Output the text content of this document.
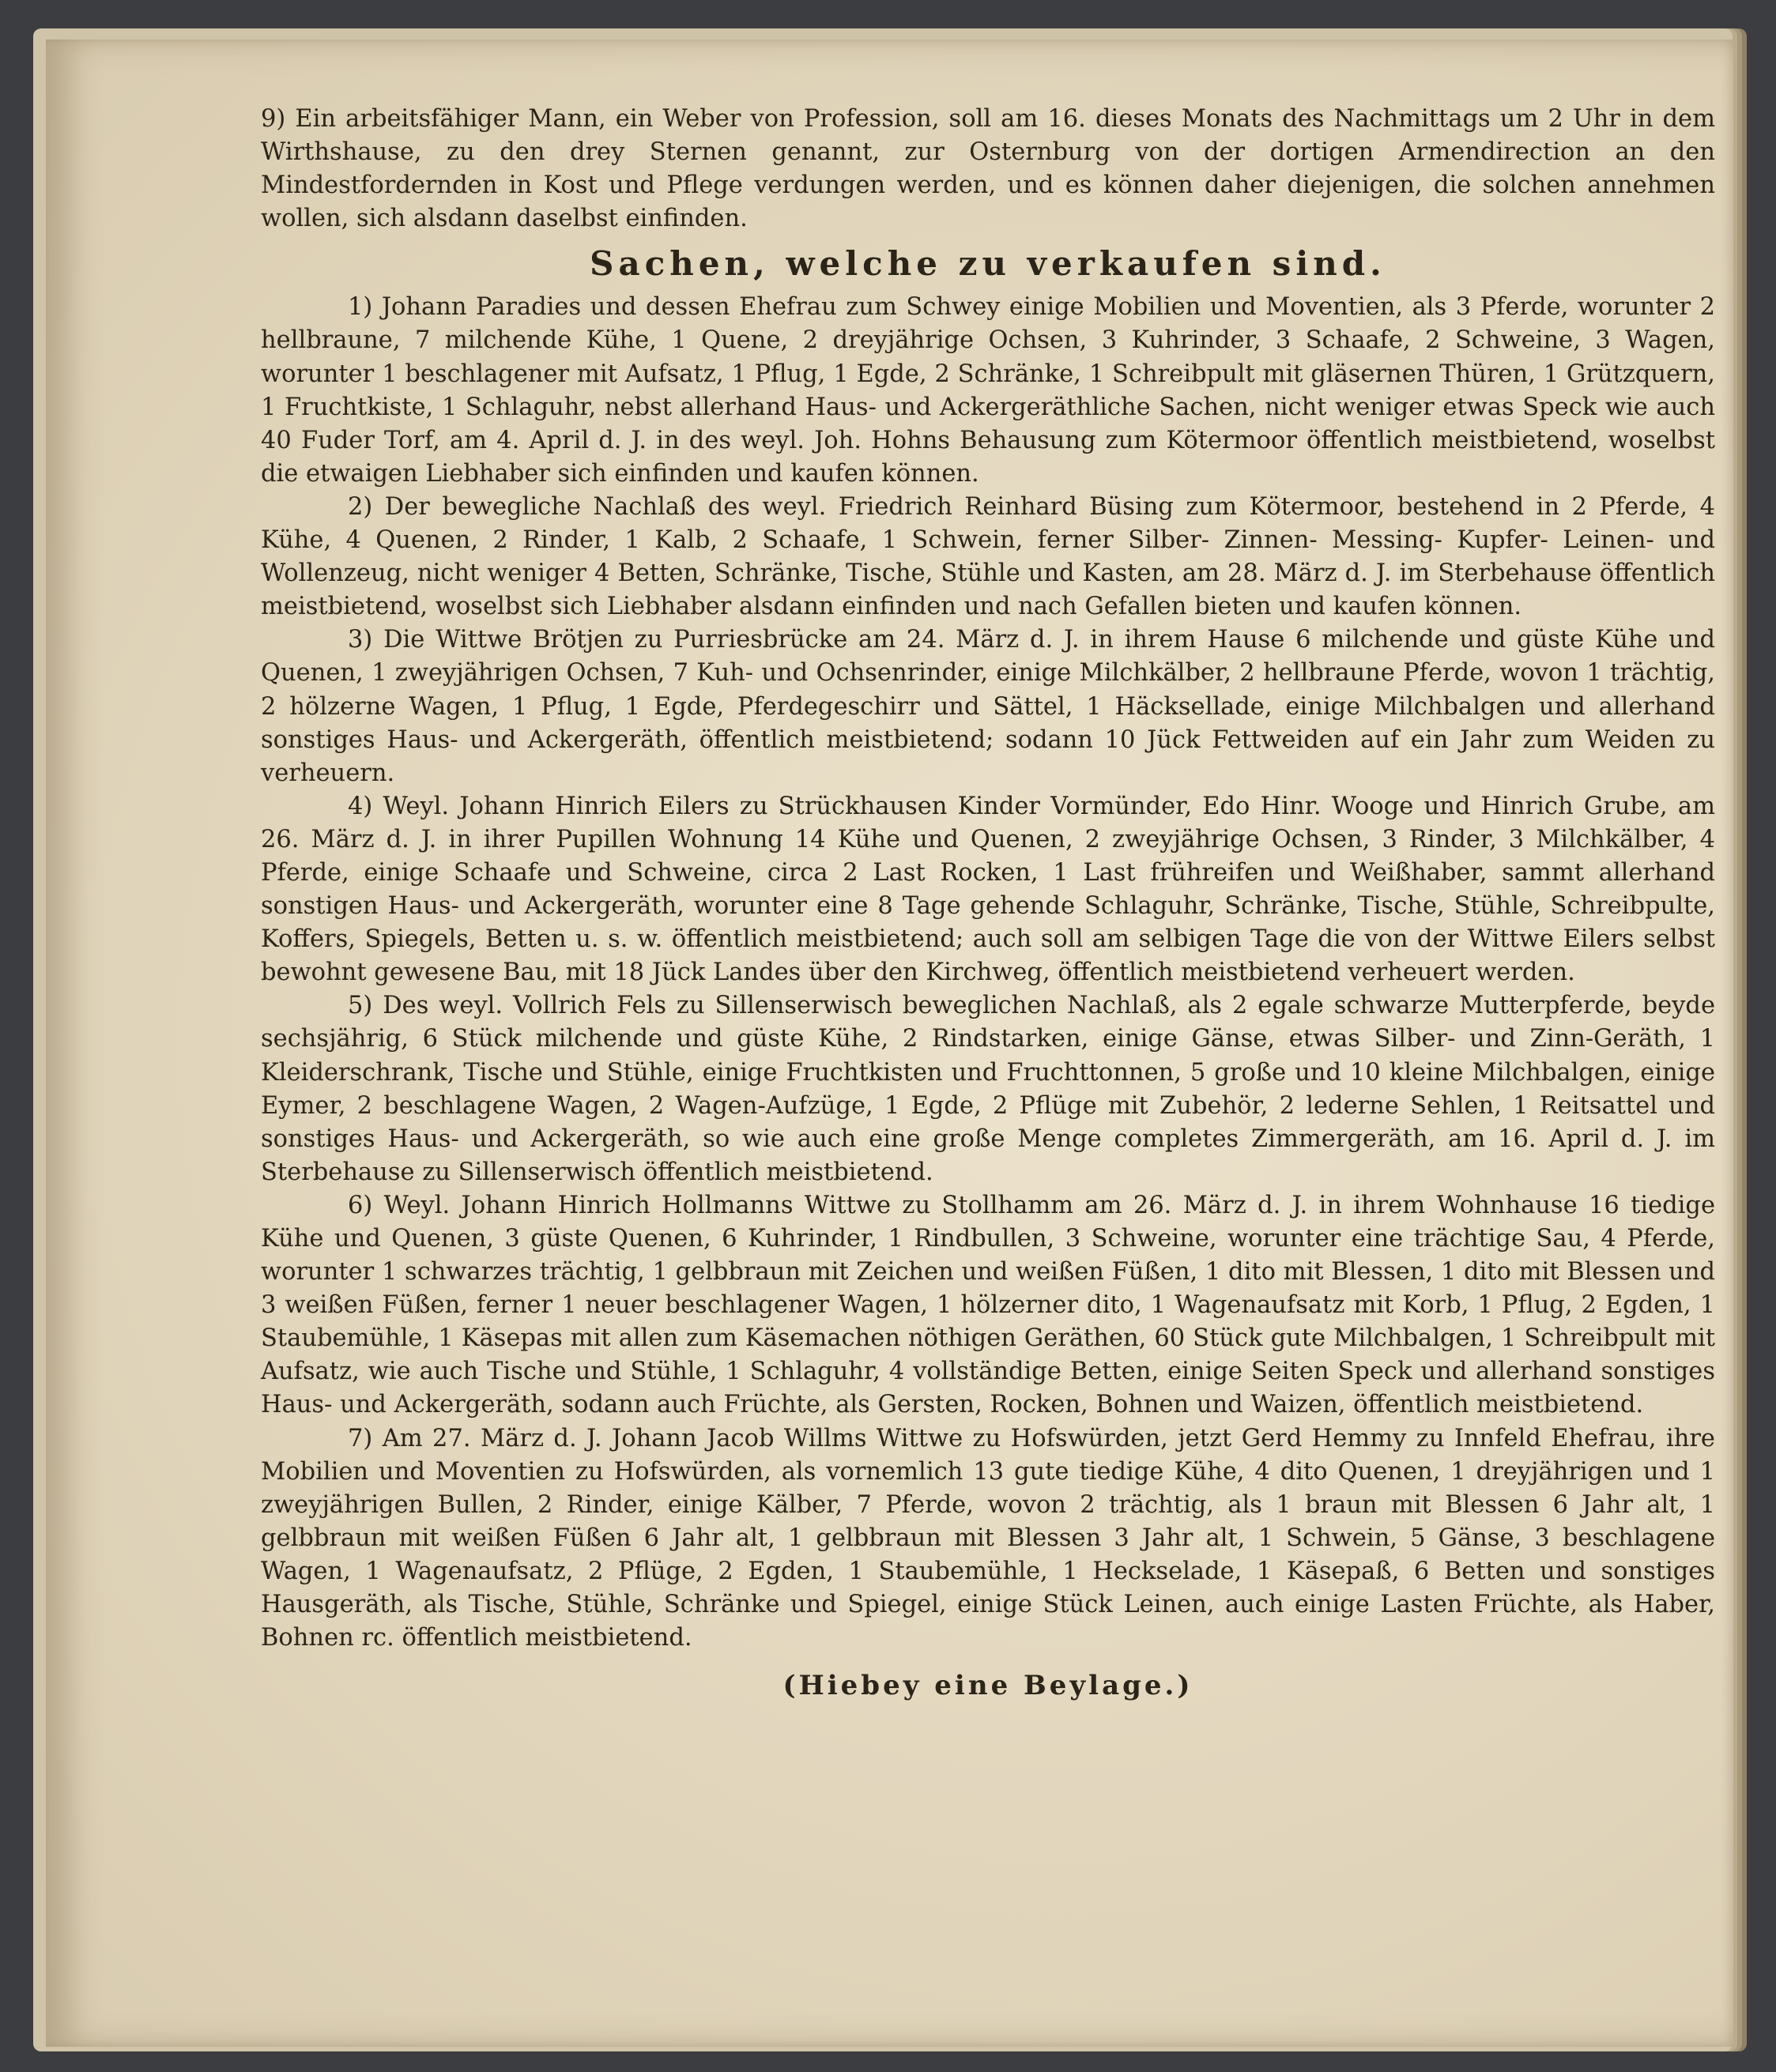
9) Ein arbeitsfähiger Mann, ein Weber von Profession, soll am 16. dieses Monats des Nachmittags um 2 Uhr in dem Wirthshause, zu den drey Sternen genannt, zur Osternburg von der dortigen Armendirection an den Mindestfordernden in Kost und Pflege verdungen werden, und es können daher diejenigen, die solchen annehmen wollen, sich alsdann daselbst einfinden.

Sachen, welche zu verkaufen sind.

1) Johann Paradies und dessen Ehefrau zum Schwey einige Mobilien und Moventien, als 3 Pferde, worunter 2 hellbraune, 7 milchende Kühe, 1 Quene, 2 dreyjährige Ochsen, 3 Kuhrinder, 3 Schaafe, 2 Schweine, 3 Wagen, worunter 1 beschlagener mit Aufsatz, 1 Pflug, 1 Egde, 2 Schränke, 1 Schreibpult mit gläsernen Thüren, 1 Grützquern, 1 Fruchtkiste, 1 Schlaguhr, nebst allerhand Haus- und Ackergeräthliche Sachen, nicht weniger etwas Speck wie auch 40 Fuder Torf, am 4. April d. J. in des weyl. Joh. Hohns Behausung zum Kötermoor öffentlich meistbietend, woselbst die etwaigen Liebhaber sich einfinden und kaufen können.

2) Der bewegliche Nachlaß des weyl. Friedrich Reinhard Büsing zum Kötermoor, bestehend in 2 Pferde, 4 Kühe, 4 Quenen, 2 Rinder, 1 Kalb, 2 Schaafe, 1 Schwein, ferner Silber- Zinnen- Messing- Kupfer- Leinen- und Wollenzeug, nicht weniger 4 Betten, Schränke, Tische, Stühle und Kasten, am 28. März d. J. im Sterbehause öffentlich meistbietend, woselbst sich Liebhaber alsdann einfinden und nach Gefallen bieten und kaufen können.

3) Die Wittwe Brötjen zu Purriesbrücke am 24. März d. J. in ihrem Hause 6 milchende und güste Kühe und Quenen, 1 zweyjährigen Ochsen, 7 Kuh- und Ochsenrinder, einige Milchkälber, 2 hellbraune Pferde, wovon 1 trächtig, 2 hölzerne Wagen, 1 Pflug, 1 Egde, Pferdegeschirr und Sättel, 1 Häcksellade, einige Milchbalgen und allerhand sonstiges Haus- und Ackergeräth, öffentlich meistbietend; sodann 10 Jück Fettweiden auf ein Jahr zum Weiden zu verheuern.

4) Weyl. Johann Hinrich Eilers zu Strückhausen Kinder Vormünder, Edo Hinr. Wooge und Hinrich Grube, am 26. März d. J. in ihrer Pupillen Wohnung 14 Kühe und Quenen, 2 zweyjährige Ochsen, 3 Rinder, 3 Milchkälber, 4 Pferde, einige Schaafe und Schweine, circa 2 Last Rocken, 1 Last frühreifen und Weißhaber, sammt allerhand sonstigen Haus- und Ackergeräth, worunter eine 8 Tage gehende Schlaguhr, Schränke, Tische, Stühle, Schreibpulte, Koffers, Spiegels, Betten u. s. w. öffentlich meistbietend; auch soll am selbigen Tage die von der Wittwe Eilers selbst bewohnt gewesene Bau, mit 18 Jück Landes über den Kirchweg, öffentlich meistbietend verheuert werden.

5) Des weyl. Vollrich Fels zu Sillenserwisch beweglichen Nachlaß, als 2 egale schwarze Mutterpferde, beyde sechsjährig, 6 Stück milchende und güste Kühe, 2 Rindstarken, einige Gänse, etwas Silber- und Zinn-Geräth, 1 Kleiderschrank, Tische und Stühle, einige Fruchtkisten und Fruchttonnen, 5 große und 10 kleine Milchbalgen, einige Eymer, 2 beschlagene Wagen, 2 Wagen-Aufzüge, 1 Egde, 2 Pflüge mit Zubehör, 2 lederne Sehlen, 1 Reitsattel und sonstiges Haus- und Ackergeräth, so wie auch eine große Menge completes Zimmergeräth, am 16. April d. J. im Sterbehause zu Sillenserwisch öffentlich meistbietend.

6) Weyl. Johann Hinrich Hollmanns Wittwe zu Stollhamm am 26. März d. J. in ihrem Wohnhause 16 tiedige Kühe und Quenen, 3 güste Quenen, 6 Kuhrinder, 1 Rindbullen, 3 Schweine, worunter eine trächtige Sau, 4 Pferde, worunter 1 schwarzes trächtig, 1 gelbbraun mit Zeichen und weißen Füßen, 1 dito mit Blessen, 1 dito mit Blessen und 3 weißen Füßen, ferner 1 neuer beschlagener Wagen, 1 hölzerner dito, 1 Wagenaufsatz mit Korb, 1 Pflug, 2 Egden, 1 Staubemühle, 1 Käsepas mit allen zum Käsemachen nöthigen Geräthen, 60 Stück gute Milchbalgen, 1 Schreibpult mit Aufsatz, wie auch Tische und Stühle, 1 Schlaguhr, 4 vollständige Betten, einige Seiten Speck und allerhand sonstiges Haus- und Ackergeräth, sodann auch Früchte, als Gersten, Rocken, Bohnen und Waizen, öffentlich meistbietend.

7) Am 27. März d. J. Johann Jacob Willms Wittwe zu Hofswürden, jetzt Gerd Hemmy zu Innfeld Ehefrau, ihre Mobilien und Moventien zu Hofswürden, als vornemlich 13 gute tiedige Kühe, 4 dito Quenen, 1 dreyjährigen und 1 zweyjährigen Bullen, 2 Rinder, einige Kälber, 7 Pferde, wovon 2 trächtig, als 1 braun mit Blessen 6 Jahr alt, 1 gelbbraun mit weißen Füßen 6 Jahr alt, 1 gelbbraun mit Blessen 3 Jahr alt, 1 Schwein, 5 Gänse, 3 beschlagene Wagen, 1 Wagenaufsatz, 2 Pflüge, 2 Egden, 1 Staubemühle, 1 Heckselade, 1 Käsepaß, 6 Betten und sonstiges Hausgeräth, als Tische, Stühle, Schränke und Spiegel, einige Stück Leinen, auch einige Lasten Früchte, als Haber, Bohnen rc. öffentlich meistbietend.

(Hiebey eine Beylage.)
